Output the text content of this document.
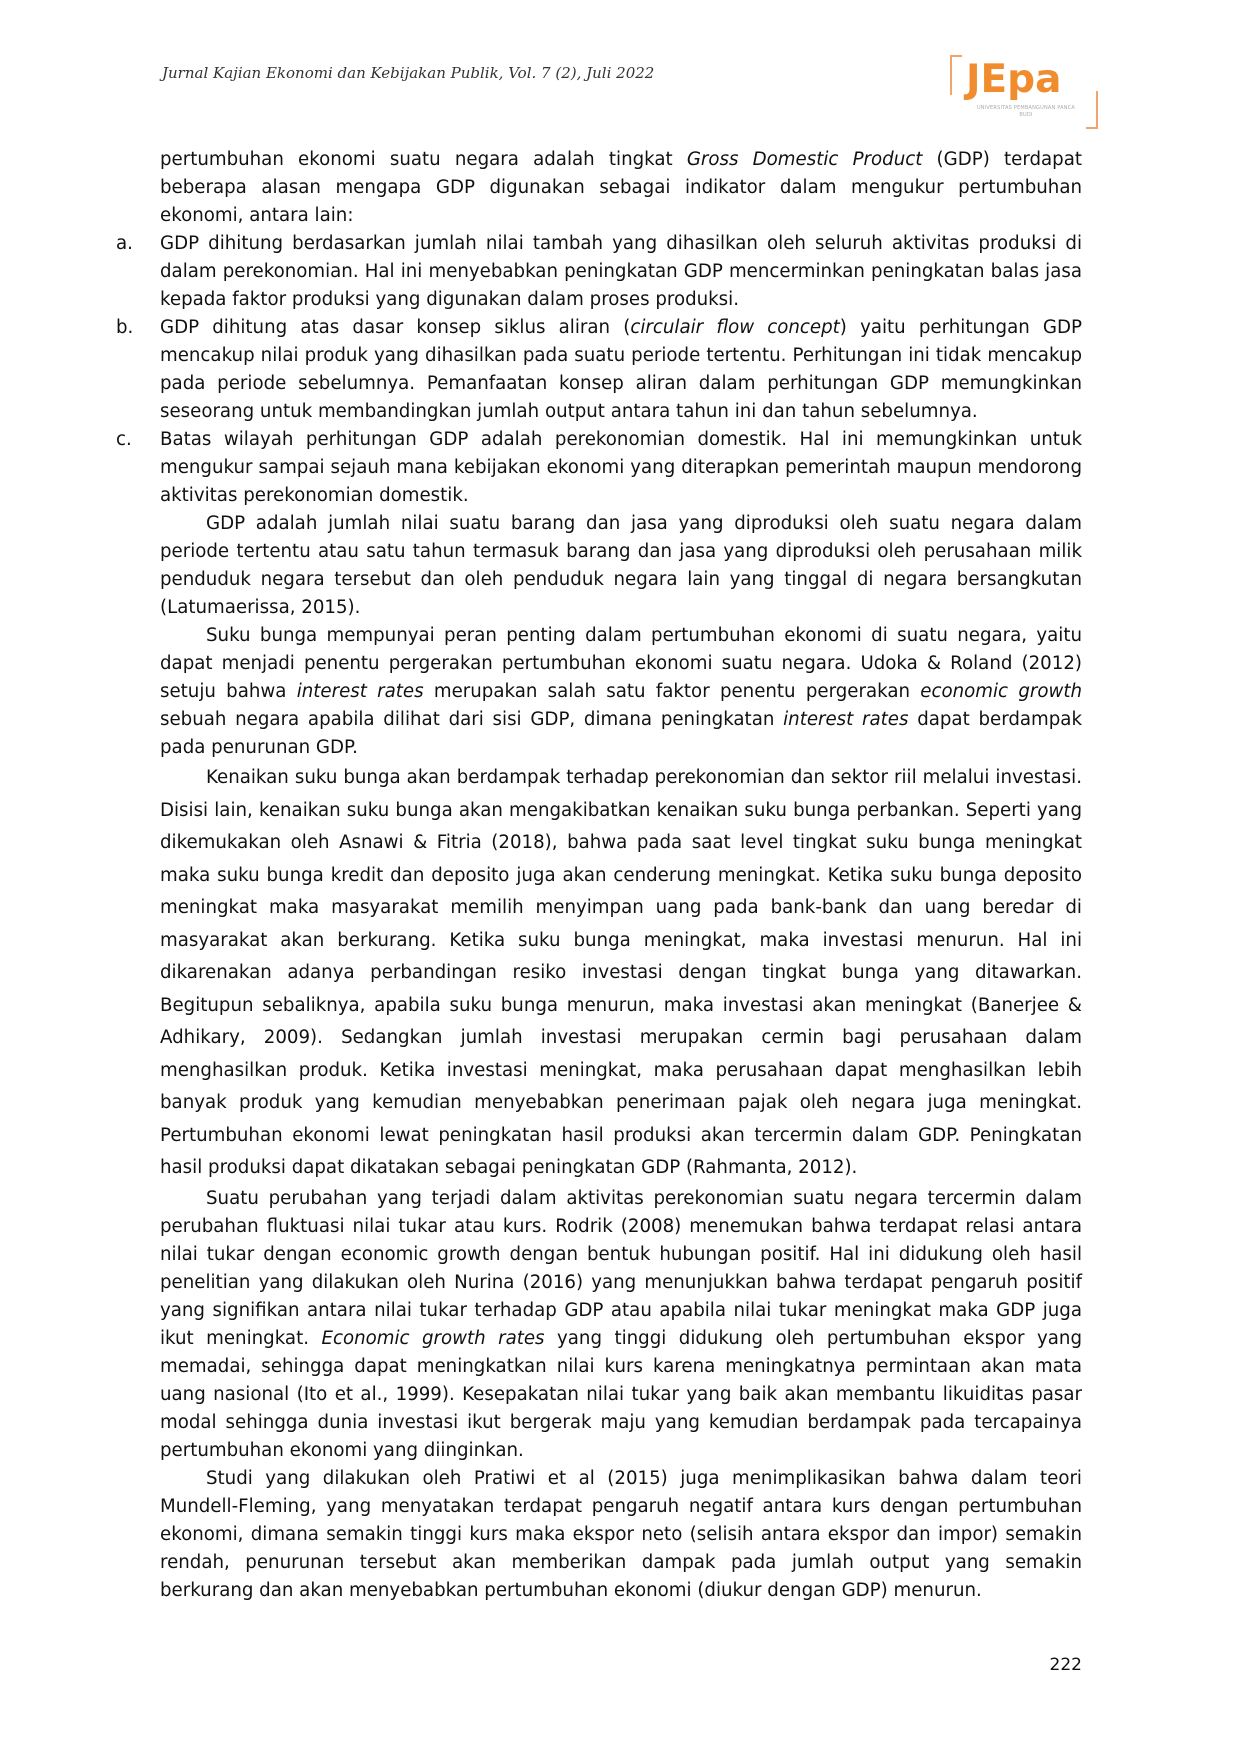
Jurnal Kajian Ekonomi dan Kebijakan Publik, Vol. 7 (2), Juli 2022	JEpa
UNIVERSITAS PEMBANGUNAN PANCA BUDI

pertumbuhan ekonomi suatu negara adalah tingkat Gross Domestic Product (GDP) terdapat beberapa alasan mengapa GDP digunakan sebagai indikator dalam mengukur pertumbuhan ekonomi, antara lain:

a. GDP dihitung berdasarkan jumlah nilai tambah yang dihasilkan oleh seluruh aktivitas produksi di dalam perekonomian. Hal ini menyebabkan peningkatan GDP mencerminkan peningkatan balas jasa kepada faktor produksi yang digunakan dalam proses produksi.

b. GDP dihitung atas dasar konsep siklus aliran (circulair flow concept) yaitu perhitungan GDP mencakup nilai produk yang dihasilkan pada suatu periode tertentu. Perhitungan ini tidak mencakup pada periode sebelumnya. Pemanfaatan konsep aliran dalam perhitungan GDP memungkinkan seseorang untuk membandingkan jumlah output antara tahun ini dan tahun sebelumnya.

c. Batas wilayah perhitungan GDP adalah perekonomian domestik. Hal ini memungkinkan untuk mengukur sampai sejauh mana kebijakan ekonomi yang diterapkan pemerintah maupun mendorong aktivitas perekonomian domestik.

GDP adalah jumlah nilai suatu barang dan jasa yang diproduksi oleh suatu negara dalam periode tertentu atau satu tahun termasuk barang dan jasa yang diproduksi oleh perusahaan milik penduduk negara tersebut dan oleh penduduk negara lain yang tinggal di negara bersangkutan (Latumaerissa, 2015).

Suku bunga mempunyai peran penting dalam pertumbuhan ekonomi di suatu negara, yaitu dapat menjadi penentu pergerakan pertumbuhan ekonomi suatu negara. Udoka & Roland (2012) setuju bahwa interest rates merupakan salah satu faktor penentu pergerakan economic growth sebuah negara apabila dilihat dari sisi GDP, dimana peningkatan interest rates dapat berdampak pada penurunan GDP.

Kenaikan suku bunga akan berdampak terhadap perekonomian dan sektor riil melalui investasi. Disisi lain, kenaikan suku bunga akan mengakibatkan kenaikan suku bunga perbankan. Seperti yang dikemukakan oleh Asnawi & Fitria (2018), bahwa pada saat level tingkat suku bunga meningkat maka suku bunga kredit dan deposito juga akan cenderung meningkat. Ketika suku bunga deposito meningkat maka masyarakat memilih menyimpan uang pada bank-bank dan uang beredar di masyarakat akan berkurang. Ketika suku bunga meningkat, maka investasi menurun. Hal ini dikarenakan adanya perbandingan resiko investasi dengan tingkat bunga yang ditawarkan. Begitupun sebaliknya, apabila suku bunga menurun, maka investasi akan meningkat (Banerjee & Adhikary, 2009). Sedangkan jumlah investasi merupakan cermin bagi perusahaan dalam menghasilkan produk. Ketika investasi meningkat, maka perusahaan dapat menghasilkan lebih banyak produk yang kemudian menyebabkan penerimaan pajak oleh negara juga meningkat. Pertumbuhan ekonomi lewat peningkatan hasil produksi akan tercermin dalam GDP. Peningkatan hasil produksi dapat dikatakan sebagai peningkatan GDP (Rahmanta, 2012).

Suatu perubahan yang terjadi dalam aktivitas perekonomian suatu negara tercermin dalam perubahan fluktuasi nilai tukar atau kurs. Rodrik (2008) menemukan bahwa terdapat relasi antara nilai tukar dengan economic growth dengan bentuk hubungan positif. Hal ini didukung oleh hasil penelitian yang dilakukan oleh Nurina (2016) yang menunjukkan bahwa terdapat pengaruh positif yang signifikan antara nilai tukar terhadap GDP atau apabila nilai tukar meningkat maka GDP juga ikut meningkat. Economic growth rates yang tinggi didukung oleh pertumbuhan ekspor yang memadai, sehingga dapat meningkatkan nilai kurs karena meningkatnya permintaan akan mata uang nasional (Ito et al., 1999). Kesepakatan nilai tukar yang baik akan membantu likuiditas pasar modal sehingga dunia investasi ikut bergerak maju yang kemudian berdampak pada tercapainya pertumbuhan ekonomi yang diinginkan.

Studi yang dilakukan oleh Pratiwi et al (2015) juga menimplikasikan bahwa dalam teori Mundell-Fleming, yang menyatakan terdapat pengaruh negatif antara kurs dengan pertumbuhan ekonomi, dimana semakin tinggi kurs maka ekspor neto (selisih antara ekspor dan impor) semakin rendah, penurunan tersebut akan memberikan dampak pada jumlah output yang semakin berkurang dan akan menyebabkan pertumbuhan ekonomi (diukur dengan GDP) menurun.

222
